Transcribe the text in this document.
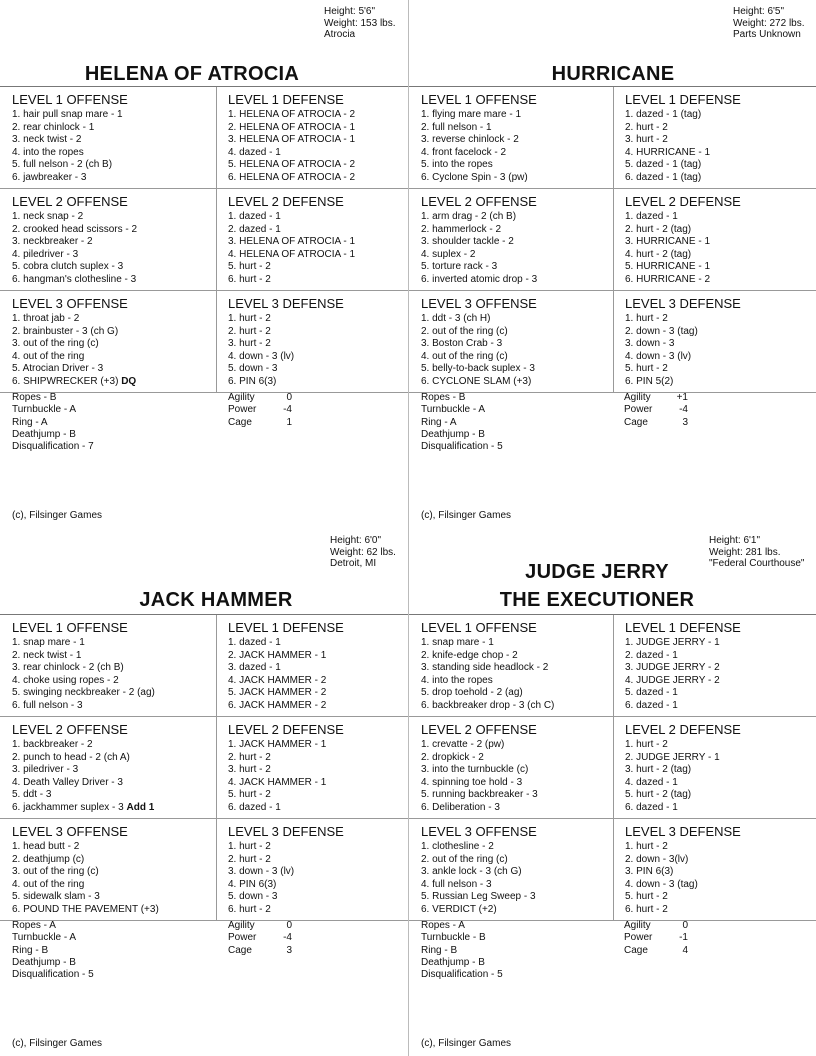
Height: 5'6"
Weight: 153 lbs.
Atrocia
HELENA OF ATROCIA
LEVEL 1 OFFENSE
1. hair pull snap mare - 1
2. rear chinlock - 1
3. neck twist - 2
4. into the ropes
5. full nelson - 2 (ch B)
6. jawbreaker - 3
LEVEL 1 DEFENSE
1. HELENA OF ATROCIA - 2
2. HELENA OF ATROCIA - 1
3. HELENA OF ATROCIA - 1
4. dazed - 1
5. HELENA OF ATROCIA - 2
6. HELENA OF ATROCIA - 2
LEVEL 2 OFFENSE
1. neck snap - 2
2. crooked head scissors - 2
3. neckbreaker - 2
4. piledriver - 3
5. cobra clutch suplex - 3
6. hangman's clothesline - 3
LEVEL 2 DEFENSE
1. dazed - 1
2. dazed - 1
3. HELENA OF ATROCIA - 1
4. HELENA OF ATROCIA - 1
5. hurt - 2
6. hurt - 2
LEVEL 3 OFFENSE
1. throat jab - 2
2. brainbuster - 3 (ch G)
3. out of the ring (c)
4. out of the ring
5. Atrocian Driver - 3
6. SHIPWRECKER (+3) DQ
LEVEL 3 DEFENSE
1. hurt - 2
2. hurt - 2
3. hurt - 2
4. down - 3 (lv)
5. down - 3
6. PIN 6(3)
Ropes - B
Turnbuckle - A
Ring - A
Deathjump - B
Disqualification - 7
Agility	0
Power	-4
Cage	1
(c), Filsinger Games
Height: 6'5"
Weight: 272 lbs.
Parts Unknown
HURRICANE
LEVEL 1 OFFENSE
1. flying mare mare - 1
2. full nelson - 1
3. reverse chinlock - 2
4. front facelock - 2
5. into the ropes
6. Cyclone Spin - 3 (pw)
LEVEL 1 DEFENSE
1. dazed - 1 (tag)
2. hurt - 2
3. hurt - 2
4. HURRICANE - 1
5. dazed - 1 (tag)
6. dazed - 1 (tag)
LEVEL 2 OFFENSE
1. arm drag - 2 (ch B)
2. hammerlock - 2
3. shoulder tackle - 2
4. suplex - 2
5. torture rack - 3
6. inverted atomic drop - 3
LEVEL 2 DEFENSE
1. dazed - 1
2. hurt - 2 (tag)
3. HURRICANE - 1
4. hurt - 2 (tag)
5. HURRICANE - 1
6. HURRICANE - 2
LEVEL 3 OFFENSE
1. ddt - 3 (ch H)
2. out of the ring (c)
3. Boston Crab - 3
4. out of the ring (c)
5. belly-to-back suplex - 3
6. CYCLONE SLAM (+3)
LEVEL 3 DEFENSE
1. hurt - 2
2. down - 3 (tag)
3. down - 3
4. down - 3 (lv)
5. hurt - 2
6. PIN 5(2)
Ropes - B
Turnbuckle - A
Ring - A
Deathjump - B
Disqualification - 5
Agility	+1
Power	-4
Cage	3
(c), Filsinger Games
Height: 6'0"
Weight: 62 lbs.
Detroit, MI
JACK HAMMER
LEVEL 1 OFFENSE
1. snap mare - 1
2. neck twist - 1
3. rear chinlock - 2 (ch B)
4. choke using ropes - 2
5. swinging neckbreaker - 2 (ag)
6. full nelson - 3
LEVEL 1 DEFENSE
1. dazed - 1
2. JACK HAMMER - 1
3. dazed - 1
4. JACK HAMMER - 2
5. JACK HAMMER - 2
6. JACK HAMMER - 2
LEVEL 2 OFFENSE
1. backbreaker - 2
2. punch to head - 2 (ch A)
3. piledriver - 3
4. Death Valley Driver - 3
5. ddt - 3
6. jackhammer suplex - 3 Add 1
LEVEL 2 DEFENSE
1. JACK HAMMER - 1
2. hurt - 2
3. hurt - 2
4. JACK HAMMER - 1
5. hurt - 2
6. dazed - 1
LEVEL 3 OFFENSE
1. head butt - 2
2. deathjump (c)
3. out of the ring (c)
4. out of the ring
5. sidewalk slam - 3
6. POUND THE PAVEMENT (+3)
LEVEL 3 DEFENSE
1. hurt - 2
2. hurt - 2
3. down - 3 (lv)
4. PIN 6(3)
5. down - 3
6. hurt - 2
Ropes - A
Turnbuckle - A
Ring - B
Deathjump - B
Disqualification - 5
Agility	0
Power	-4
Cage	3
(c), Filsinger Games
Height: 6'1"
Weight: 281 lbs.
"Federal Courthouse"
JUDGE JERRY
THE EXECUTIONER
LEVEL 1 OFFENSE
1. snap mare - 1
2. knife-edge chop - 2
3. standing side headlock - 2
4. into the ropes
5. drop toehold - 2 (ag)
6. backbreaker drop - 3 (ch C)
LEVEL 1 DEFENSE
1. JUDGE JERRY - 1
2. dazed - 1
3. JUDGE JERRY - 2
4. JUDGE JERRY - 2
5. dazed - 1
6. dazed - 1
LEVEL 2 OFFENSE
1. crevatte - 2 (pw)
2. dropkick - 2
3. into the turnbuckle (c)
4. spinning toe hold - 3
5. running backbreaker - 3
6. Deliberation - 3
LEVEL 2 DEFENSE
1. hurt - 2
2. JUDGE JERRY - 1
3. hurt - 2 (tag)
4. dazed - 1
5. hurt - 2 (tag)
6. dazed - 1
LEVEL 3 OFFENSE
1. clothesline - 2
2. out of the ring (c)
3. ankle lock - 3 (ch G)
4. full nelson - 3
5. Russian Leg Sweep - 3
6. VERDICT (+2)
LEVEL 3 DEFENSE
1. hurt - 2
2. down - 3(lv)
3. PIN 6(3)
4. down - 3 (tag)
5. hurt - 2
6. hurt - 2
Ropes - A
Turnbuckle - B
Ring - B
Deathjump - B
Disqualification - 5
Agility	0
Power	-1
Cage	4
(c), Filsinger Games
